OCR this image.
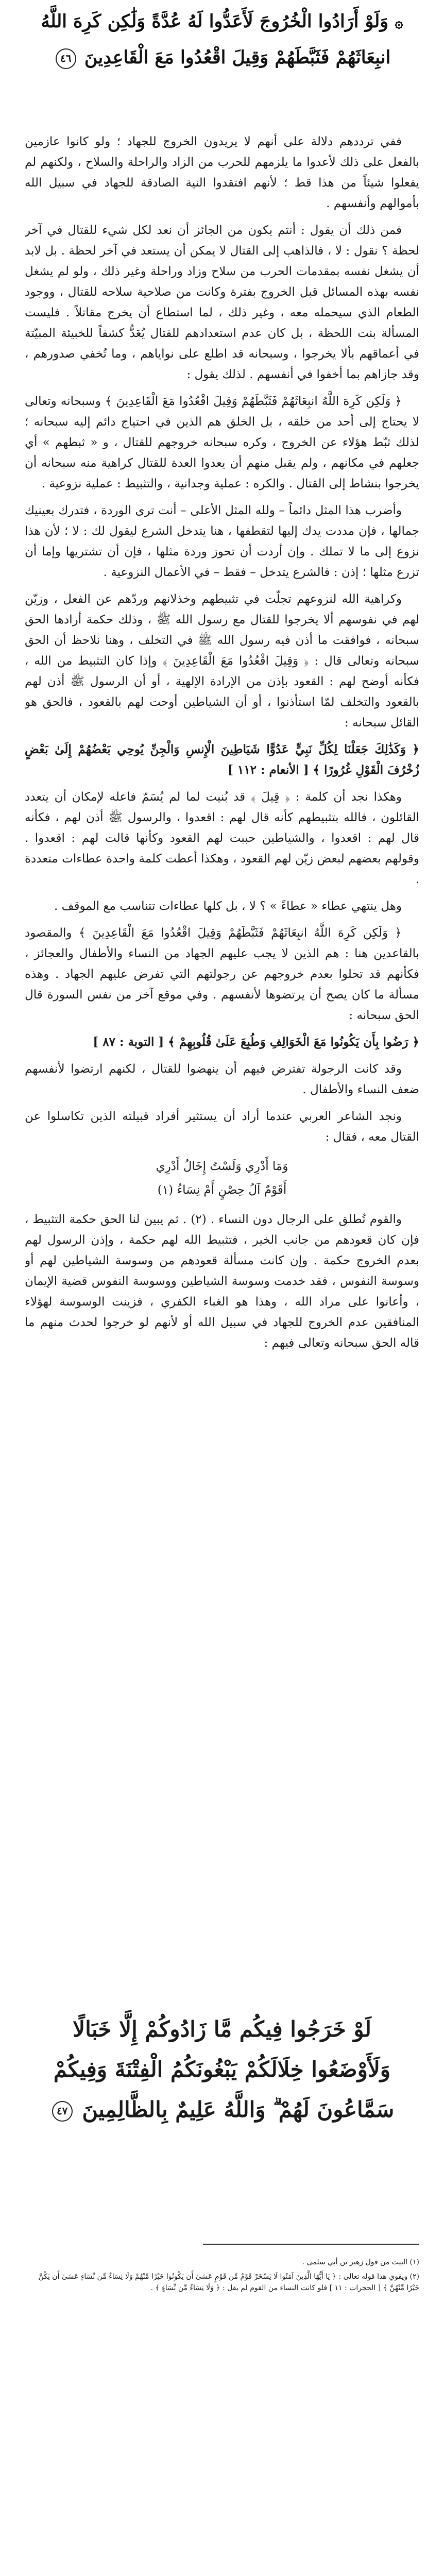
۞ وَلَوْ أَرَادُوا الْخُرُوجَ لَأَعَدُّوا لَهُ عُدَّةً وَلَٰكِن كَرِهَ اللَّهُ انبِعَاثَهُمْ فَثَبَّطَهُمْ وَقِيلَ اقْعُدُوا مَعَ الْقَاعِدِينَ ٤٦

ففي ترددهم دلالة على أنهم لا يريدون الخروج للجهاد ؛ ولو كانوا عازمين بالفعل على ذلك لأعدوا ما يلزمهم للحرب من الزاد والراحلة والسلاح ، ولكنهم لم يفعلوا شيئاً من هذا قط ؛ لأنهم افتقدوا النية الصادقة للجهاد في سبيل الله بأموالهم وأنفسهم .

فمن ذلك أن يقول : أنتم يكون من الجائز أن نعد لكل شيء للقتال في آخر لحظة ؟ نقول : لا ، فالذاهب إلى القتال لا يمكن أن يستعد في آخر لحظة . بل لابد أن يشغل نفسه بمقدمات الحرب من سلاح وزاد وراحلة وغير ذلك ، ولو لم يشغل نفسه بهذه المسائل قبل الخروج بفترة وكانت من صلاحية سلاحه للقتال ، ووجود الطعام الذي سيحمله معه ، وغير ذلك ، لما استطاع أن يخرج مقاتلاً . فليست المسألة بنت اللحظة ، بل كان عدم استعدادهم للقتال يُعَدُّ كشفاً للخبيئة المبيّتة في أعماقهم بألا يخرجوا ، وسبحانه قد اطلع على نواياهم ، وما تُخفي صدورهم ، وقد جازاهم بما أخفوا في أنفسهم . لذلك يقول :

﴿ وَلَكِن كَرِهَ اللَّهُ انبِعَاثَهُمْ فَثَبَّطَهُمْ وَقِيلَ اقْعُدُوا مَعَ الْقَاعِدِينَ ﴾ وسبحانه وتعالى لا يحتاج إلى أحد من خلقه ، بل الخلق هم الذين في احتياج دائم إليه سبحانه ؛ لذلك ثبّط هؤلاء عن الخروج ، وكره سبحانه خروجهم للقتال ، و « ثبطهم » أي جعلهم في مكانهم ، ولم يقبل منهم أن يعدوا العدة للقتال كراهية منه سبحانه أن يخرجوا بنشاط إلى القتال . والكره : عملية وجدانية ، والتثبيط : عملية نزوعية .

وأضرب هذا المثل دائماً – ولله المثل الأعلى – أنت ترى الوردة ، فتدرك بعينيك جمالها ، فإن مددت يدك إليها لتقطفها ، هنا يتدخل الشرع ليقول لك : لا ؛ لأن هذا نزوع إلى ما لا تملك . وإن أردت أن تحوز وردة مثلها ، فإن أن تشتريها وإما أن تزرع مثلها ؛ إذن : فالشرع يتدخل – فقط – في الأعمال النزوعية .

وكراهية الله لنزوعهم تجلّت في تثبيطهم وخذلانهم وردّهم عن الفعل ، وزيّن لهم في نفوسهم ألا يخرجوا للقتال مع رسول الله ﷺ ، وذلك حكمة أرادها الحق سبحانه ، فوافقت ما أذن فيه رسول الله ﷺ في التخلف ، وهنا نلاحظ أن الحق سبحانه وتعالى قال : ﴿ وَقِيلَ اقْعُدُوا مَعَ الْقَاعِدِينَ ﴾ وإذا كان التثبيط من الله ، فكأنه أوضح لهم : القعود بإذن من الإرادة الإلهية ، أو أن الرسول ﷺ أذن لهم بالقعود والتخلف لمّا استأذنوا ، أو أن الشياطين أوحت لهم بالقعود ، فالحق هو القائل سبحانه :

﴿ وَكَذَٰلِكَ جَعَلْنَا لِكُلِّ نَبِيٍّ عَدُوًّا شَيَاطِينَ الْإِنسِ وَالْجِنِّ يُوحِي بَعْضُهُمْ إِلَىٰ بَعْضٍ زُخْرُفَ الْقَوْلِ غُرُورًا ﴾ [ الأنعام : ١١٢ ]

وهكذا نجد أن كلمة : ﴿ قِيلَ ﴾ قد بُنيت لما لم يُسَمّ فاعله لإمكان أن يتعدد القائلون ، فالله بتثبيطهم كأنه قال لهم : اقعدوا ، والرسول ﷺ أذن لهم ، فكأنه قال لهم : اقعدوا ، والشياطين حببت لهم القعود وكأنها قالت لهم : اقعدوا . وقولهم بعضهم لبعض زيّن لهم القعود ، وهكذا أعطت كلمة واحدة عطاءات متعددة .

وهل ينتهي عطاء « عطاءً » ؟ لا ، بل كلها عطاءات تتناسب مع الموقف .

﴿ وَلَكِن كَرِهَ اللَّهُ انبِعَاثَهُمْ فَثَبَّطَهُمْ وَقِيلَ اقْعُدُوا مَعَ الْقَاعِدِينَ ﴾ والمقصود بالقاعدين هنا : هم الذين لا يجب عليهم الجهاد من النساء والأطفال والعجائز ، فكأنهم قد تحلوا بعدم خروجهم عن رجولتهم التي تفرض عليهم الجهاد . وهذه مسألة ما كان يصح أن يرتضوها لأنفسهم . وفي موقع آخر من نفس السورة قال الحق سبحانه :

﴿ رَضُوا بِأَن يَكُونُوا مَعَ الْخَوَالِفِ وَطُبِعَ عَلَىٰ قُلُوبِهِمْ ﴾ [ التوبة : ٨٧ ]

وقد كانت الرجولة تفترض فيهم أن ينهضوا للقتال ، لكنهم ارتضوا لأنفسهم ضعف النساء والأطفال .

ونجد الشاعر العربي عندما أراد أن يستثير أفراد قبيلته الذين تكاسلوا عن القتال معه ، فقال :

وَمَا أَدْرِي وَلَسْتُ إِخَالُ أَدْرِي
أَقَوْمٌ آلُ حِصْنٍ أَمْ نِسَاءُ (١)

والقوم تُطلق على الرجال دون النساء . (٢) . ثم يبين لنا الحق حكمة التثبيط ، فإن كان قعودهم من جانب الخير ، فتثبيط الله لهم حكمة ، وإذن الرسول لهم بعدم الخروج حكمة . وإن كانت مسألة قعودهم من وسوسة الشياطين لهم أو وسوسة النفوس ، فقد خدمت وسوسة الشياطين ووسوسة النفوس قضية الإيمان ، وأعانوا على مراد الله ، وهذا هو الغباء الكفري ، فزينت الوسوسة لهؤلاء المنافقين عدم الخروج للجهاد في سبيل الله أو لأنهم لو خرجوا لحدث منهم ما قاله الحق سبحانه وتعالى فيهم :

لَوْ خَرَجُوا فِيكُم مَّا زَادُوكُمْ إِلَّا خَبَالًا وَلَأَوْضَعُوا خِلَالَكُمْ يَبْغُونَكُمُ الْفِتْنَةَ وَفِيكُمْ سَمَّاعُونَ لَهُمْ ۗ وَاللَّهُ عَلِيمٌ بِالظَّالِمِينَ ٤٧

(١) البيت من قول زهير بن أبي سلمى .

(٢) ويقوي هذا قوله تعالى : ﴿ يَا أَيُّهَا الَّذِينَ آمَنُوا لَا يَسْخَرْ قَوْمٌ مِّن قَوْمٍ عَسَىٰ أَن يَكُونُوا خَيْرًا مِّنْهُمْ وَلَا نِسَاءٌ مِّن نِّسَاءٍ عَسَىٰ أَن يَكُنَّ خَيْرًا مِّنْهُنَّ ﴾ [ الحجرات : ١١ ] فلو كانت النساء من القوم لم يقل : ﴿ وَلَا نِسَاءٌ مِّن نِّسَاءٍ ﴾ .
